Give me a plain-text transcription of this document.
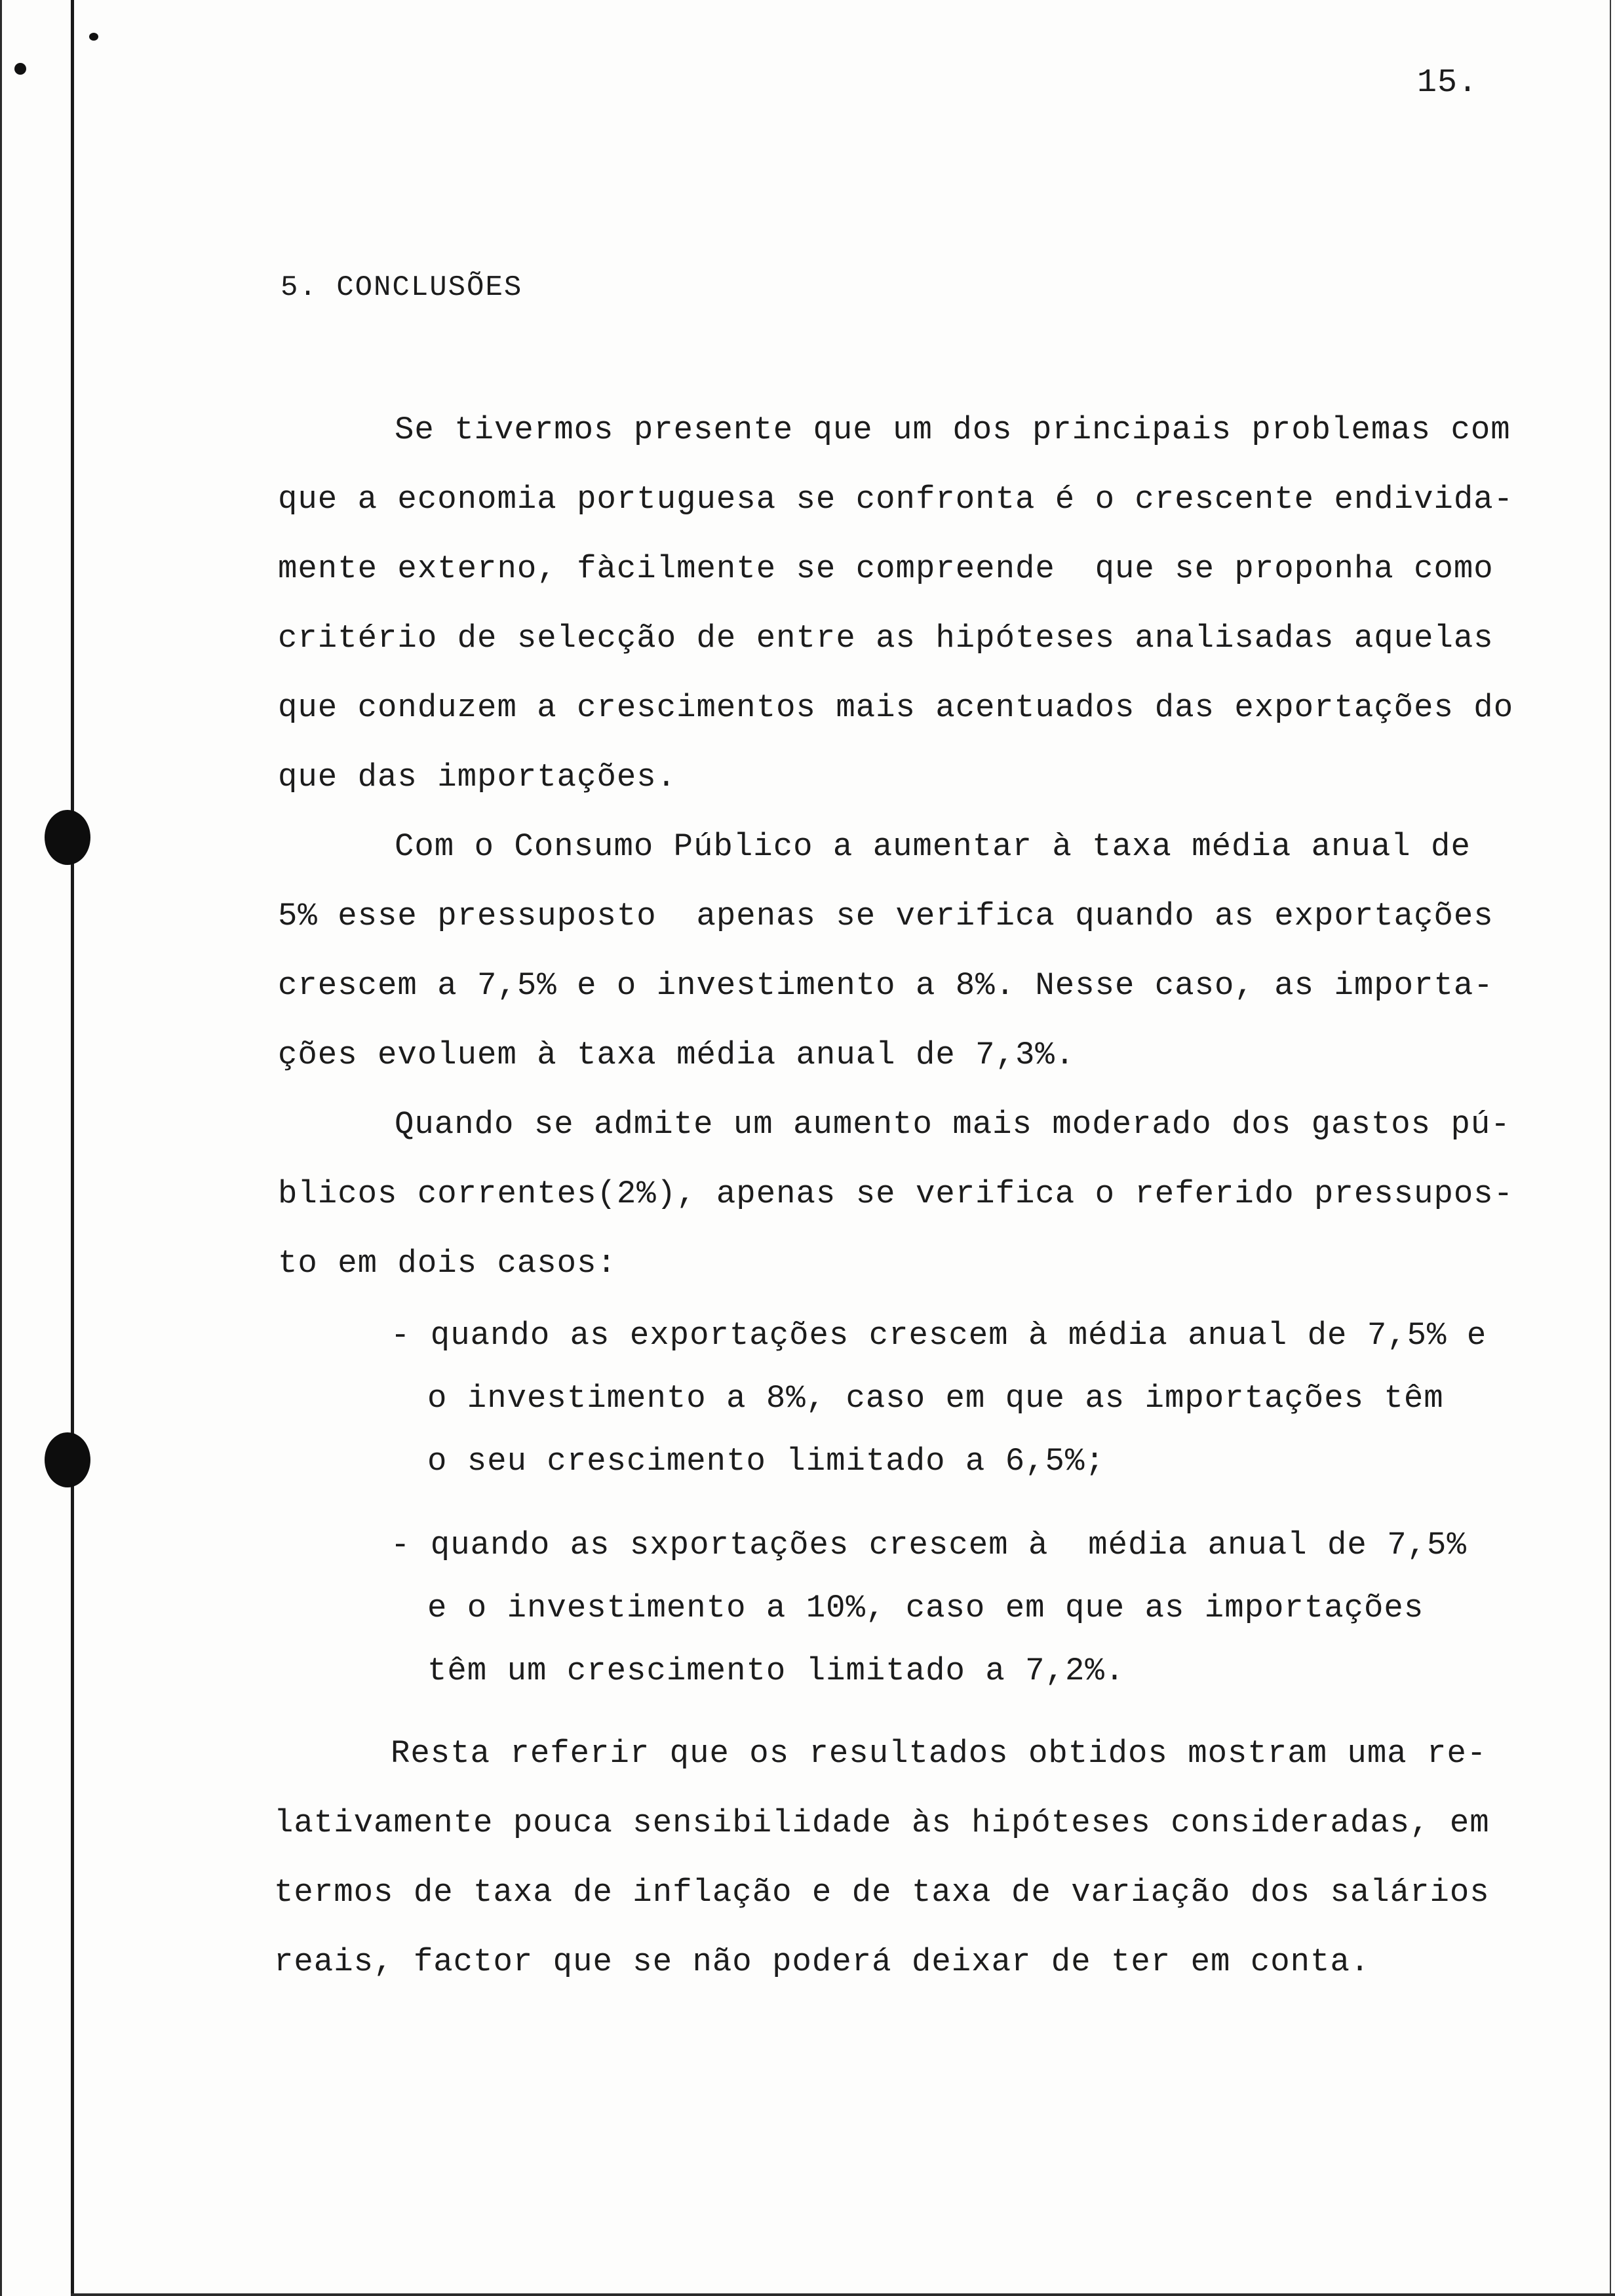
15.
5. CONCLUSÕES
Se tivermos presente que um dos principais problemas com
que a economia portuguesa se confronta é o crescente endivida-
mente externo, fàcilmente se compreende  que se proponha como
critério de selecção de entre as hipóteses analisadas aquelas
que conduzem a crescimentos mais acentuados das exportações do
que das importações.
Com o Consumo Público a aumentar à taxa média anual de
5% esse pressuposto  apenas se verifica quando as exportações
crescem a 7,5% e o investimento a 8%. Nesse caso, as importa-
ções evoluem à taxa média anual de 7,3%.
Quando se admite um aumento mais moderado dos gastos pú-
blicos correntes(2%), apenas se verifica o referido pressupos-
to em dois casos:
- quando as exportações crescem à média anual de 7,5% e
o investimento a 8%, caso em que as importações têm
o seu crescimento limitado a 6,5%;
- quando as sxportações crescem à  média anual de 7,5%
e o investimento a 10%, caso em que as importações
têm um crescimento limitado a 7,2%.
Resta referir que os resultados obtidos mostram uma re-
lativamente pouca sensibilidade às hipóteses consideradas, em
termos de taxa de inflação e de taxa de variação dos salários
reais, factor que se não poderá deixar de ter em conta.
